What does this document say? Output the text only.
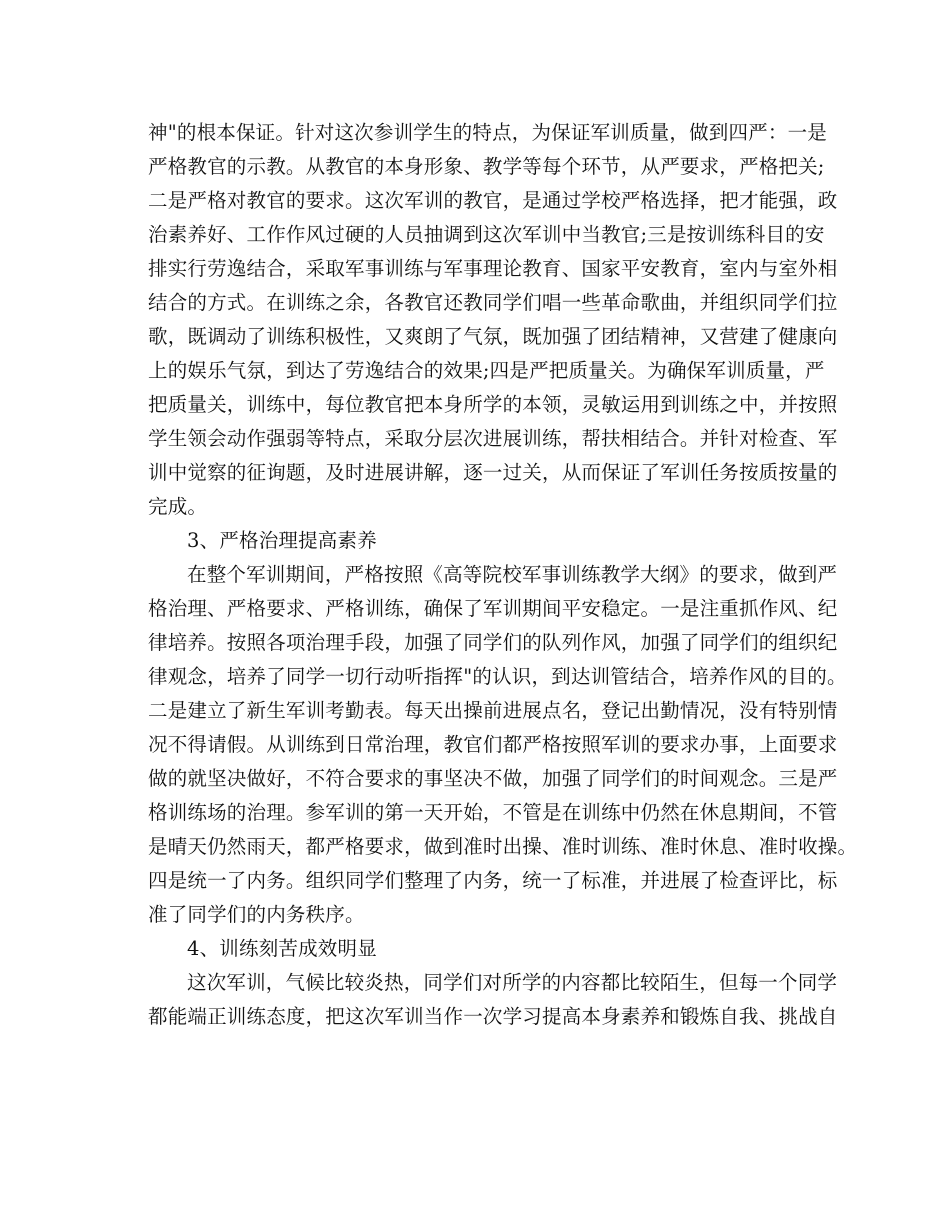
神"的根本保证。针对这次参训学生的特点，为保证军训质量，做到四严：一是
严格教官的示教。从教官的本身形象、教学等每个环节，从严要求，严格把关;
二是严格对教官的要求。这次军训的教官，是通过学校严格选择，把才能强，政
治素养好、工作作风过硬的人员抽调到这次军训中当教官;三是按训练科目的安
排实行劳逸结合，采取军事训练与军事理论教育、国家平安教育，室内与室外相
结合的方式。在训练之余，各教官还教同学们唱一些革命歌曲，并组织同学们拉
歌，既调动了训练积极性，又爽朗了气氛，既加强了团结精神，又营建了健康向
上的娱乐气氛，到达了劳逸结合的效果;四是严把质量关。为确保军训质量，严
把质量关，训练中，每位教官把本身所学的本领，灵敏运用到训练之中，并按照
学生领会动作强弱等特点，采取分层次进展训练，帮扶相结合。并针对检查、军
训中觉察的征询题，及时进展讲解，逐一过关，从而保证了军训任务按质按量的
完成。
3、严格治理提高素养
在整个军训期间，严格按照《高等院校军事训练教学大纲》的要求，做到严
格治理、严格要求、严格训练，确保了军训期间平安稳定。一是注重抓作风、纪
律培养。按照各项治理手段，加强了同学们的队列作风，加强了同学们的组织纪
律观念，培养了同学一切行动听指挥"的认识，到达训管结合，培养作风的目的。
二是建立了新生军训考勤表。每天出操前进展点名，登记出勤情况，没有特别情
况不得请假。从训练到日常治理，教官们都严格按照军训的要求办事，上面要求
做的就坚决做好，不符合要求的事坚决不做，加强了同学们的时间观念。三是严
格训练场的治理。参军训的第一天开始，不管是在训练中仍然在休息期间，不管
是晴天仍然雨天，都严格要求，做到准时出操、准时训练、准时休息、准时收操。
四是统一了内务。组织同学们整理了内务，统一了标准，并进展了检查评比，标
准了同学们的内务秩序。
4、训练刻苦成效明显
这次军训，气候比较炎热，同学们对所学的内容都比较陌生，但每一个同学
都能端正训练态度，把这次军训当作一次学习提高本身素养和锻炼自我、挑战自
